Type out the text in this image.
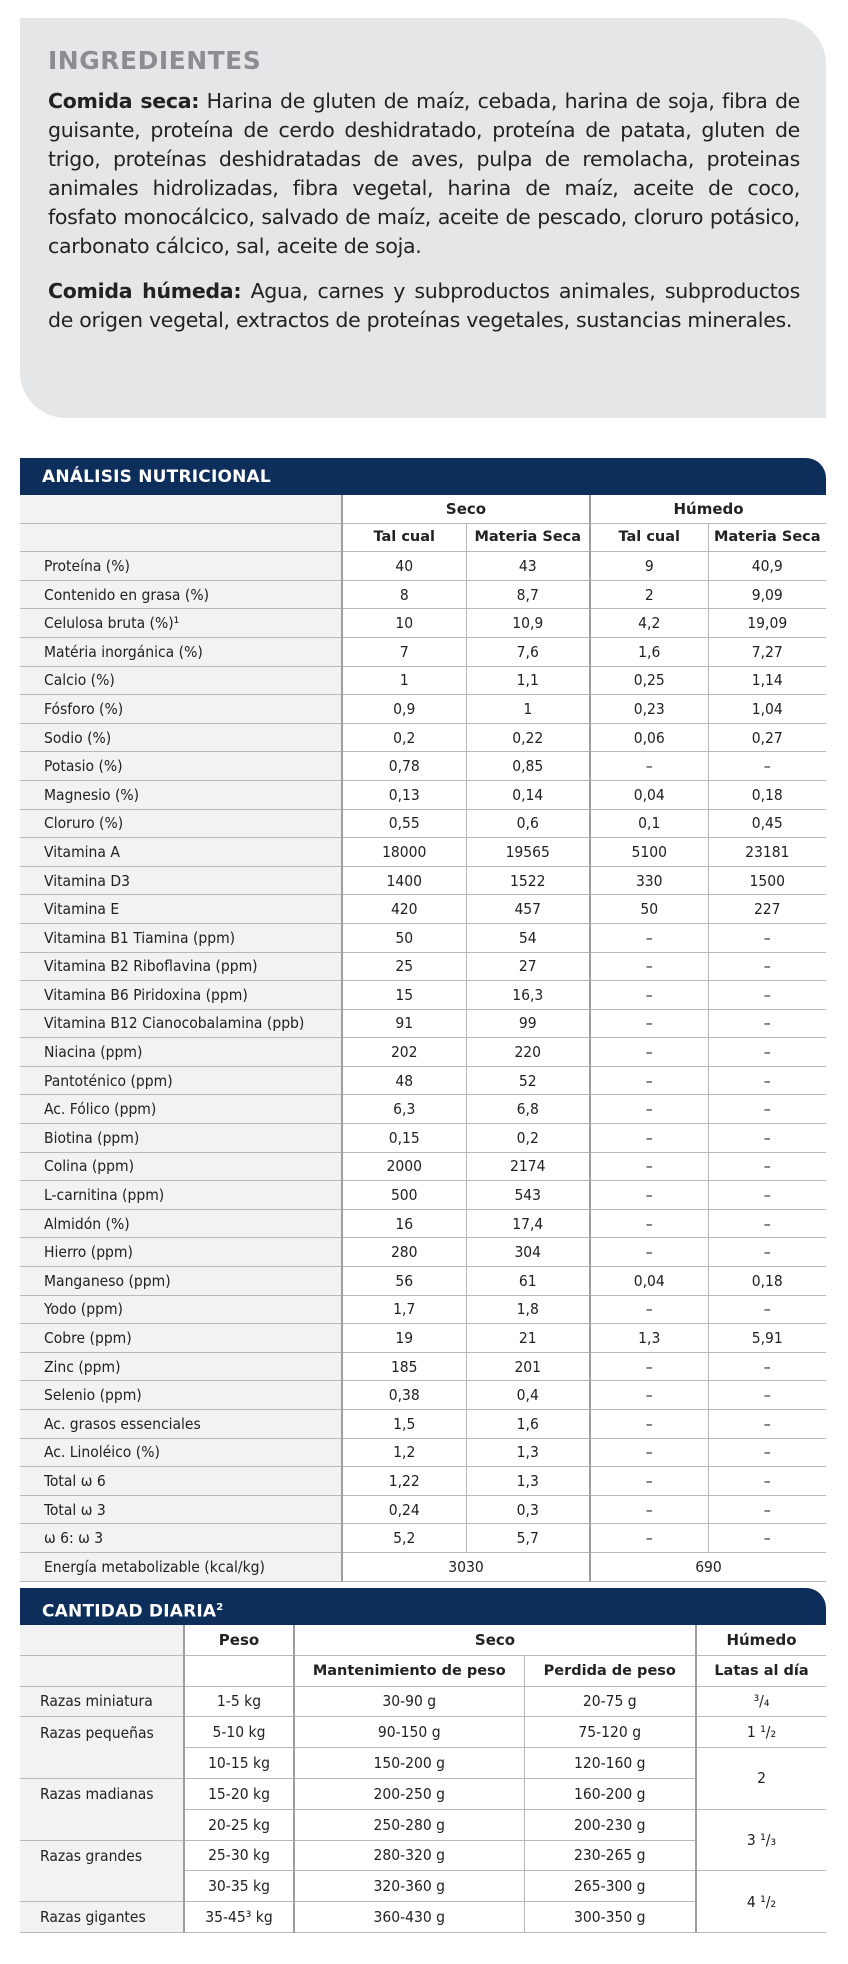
INGREDIENTES

Comida seca: Harina de gluten de maíz, cebada, harina de soja, fibra de guisante, proteína de cerdo deshidratado, proteína de patata, gluten de trigo, proteínas deshidratadas de aves, pulpa de remolacha, proteinas animales hidrolizadas, fibra vegetal, harina de maíz, aceite de coco, fosfato monocálcico, salvado de maíz, aceite de pescado, cloruro potásico, carbonato cálcico, sal, aceite de soja.

Comida húmeda: Agua, carnes y subproductos animales, subproductos de origen vegetal, extractos de proteínas vegetales, sustancias minerales.

ANÁLISIS NUTRICIONAL
	Seco		Húmedo	
	Tal cual	Materia Seca	Tal cual	Materia Seca
Proteína (%)	40	43	9	40,9
Contenido en grasa (%)	8	8,7	2	9,09
Celulosa bruta (%)¹	10	10,9	4,2	19,09
Matéria inorgánica (%)	7	7,6	1,6	7,27
Calcio (%)	1	1,1	0,25	1,14
Fósforo (%)	0,9	1	0,23	1,04
Sodio (%)	0,2	0,22	0,06	0,27
Potasio (%)	0,78	0,85	–	–
Magnesio (%)	0,13	0,14	0,04	0,18
Cloruro (%)	0,55	0,6	0,1	0,45
Vitamina A	18000	19565	5100	23181
Vitamina D3	1400	1522	330	1500
Vitamina E	420	457	50	227
Vitamina B1 Tiamina (ppm)	50	54	–	–
Vitamina B2 Riboflavina (ppm)	25	27	–	–
Vitamina B6 Piridoxina (ppm)	15	16,3	–	–
Vitamina B12 Cianocobalamina (ppb)	91	99	–	–
Niacina (ppm)	202	220	–	–
Pantoténico (ppm)	48	52	–	–
Ac. Fólico (ppm)	6,3	6,8	–	–
Biotina (ppm)	0,15	0,2	–	–
Colina (ppm)	2000	2174	–	–
L-carnitina (ppm)	500	543	–	–
Almidón (%)	16	17,4	–	–
Hierro (ppm)	280	304	–	–
Manganeso (ppm)	56	61	0,04	0,18
Yodo (ppm)	1,7	1,8	–	–
Cobre (ppm)	19	21	1,3	5,91
Zinc (ppm)	185	201	–	–
Selenio (ppm)	0,38	0,4	–	–
Ac. grasos essenciales	1,5	1,6	–	–
Ac. Linoléico (%)	1,2	1,3	–	–
Total ω 6	1,22	1,3	–	–
Total ω 3	0,24	0,3	–	–
ω 6: ω 3	5,2	5,7	–	–
Energía metabolizable (kcal/kg)	3030		690	
CANTIDAD DIARIA$^2$
	Peso	Seco		Húmedo
		Mantenimiento de peso	Perdida de peso	Latas al día
Razas miniatura	1-5 kg	30-90 g	20-75 g	³/₄
Razas pequeñas	5-10 kg	90-150 g	75-120 g	1 ¹/₂
	10-15 kg	150-200 g	120-160 g	2
Razas madianas	15-20 kg	200-250 g	160-200 g	
	20-25 kg	250-280 g	200-230 g	3 ¹/₃
Razas grandes	25-30 kg	280-320 g	230-265 g	
	30-35 kg	320-360 g	265-300 g	4 ¹/₂
Razas gigantes	35-45³ kg	360-430 g	300-350 g	
